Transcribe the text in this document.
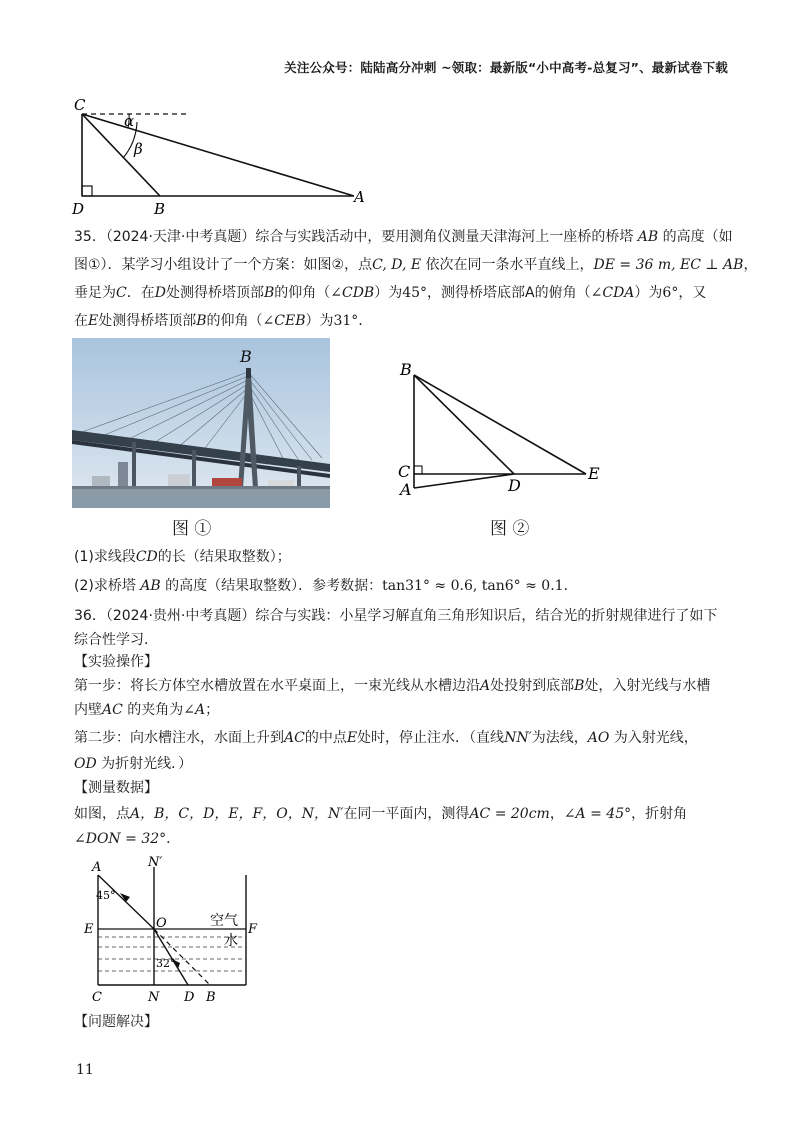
关注公众号：陆陆高分冲刺 ~领取：最新版“小中高考-总复习”、最新试卷下载
C
α
β
D	B
A
35．（2024·天津·中考真题）综合与实践活动中，要用测角仪测量天津海河上一座桥的桥塔 AB 的高度（如
图①）．某学习小组设计了一个方案：如图②，点C, D, E 依次在同一条水平直线上，DE = 36 m, EC ⊥ AB，
垂足为C．在D处测得桥塔顶部B的仰角（∠CDB）为45°，测得桥塔底部A的俯角（∠CDA）为6°，又
在E处测得桥塔顶部B的仰角（∠CEB）为31°．
B
图 ①
B
C
A	D
E
图 ②
(1)求线段CD的长（结果取整数）；
(2)求桥塔 AB 的高度（结果取整数）．参考数据：tan31° ≈ 0.6, tan6° ≈ 0.1．
36．（2024·贵州·中考真题）综合与实践：小星学习解直角三角形知识后，结合光的折射规律进行了如下
综合性学习．
【实验操作】
第一步：将长方体空水槽放置在水平桌面上，一束光线从水槽边沿A处投射到底部B处，入射光线与水槽
内壁AC 的夹角为∠A；
第二步：向水槽注水，水面上升到AC的中点E处时，停止注水．（直线NN′为法线，AO 为入射光线，
OD 为折射光线．）
【测量数据】
如图，点A，B，C，D，E，F，O，N，N′在同一平面内，测得AC = 20cm，∠A = 45°，折射角
∠DON = 32°．
A	N′
45°
E	O	空气
F
水
32°
C	N D B
【问题解决】
11
